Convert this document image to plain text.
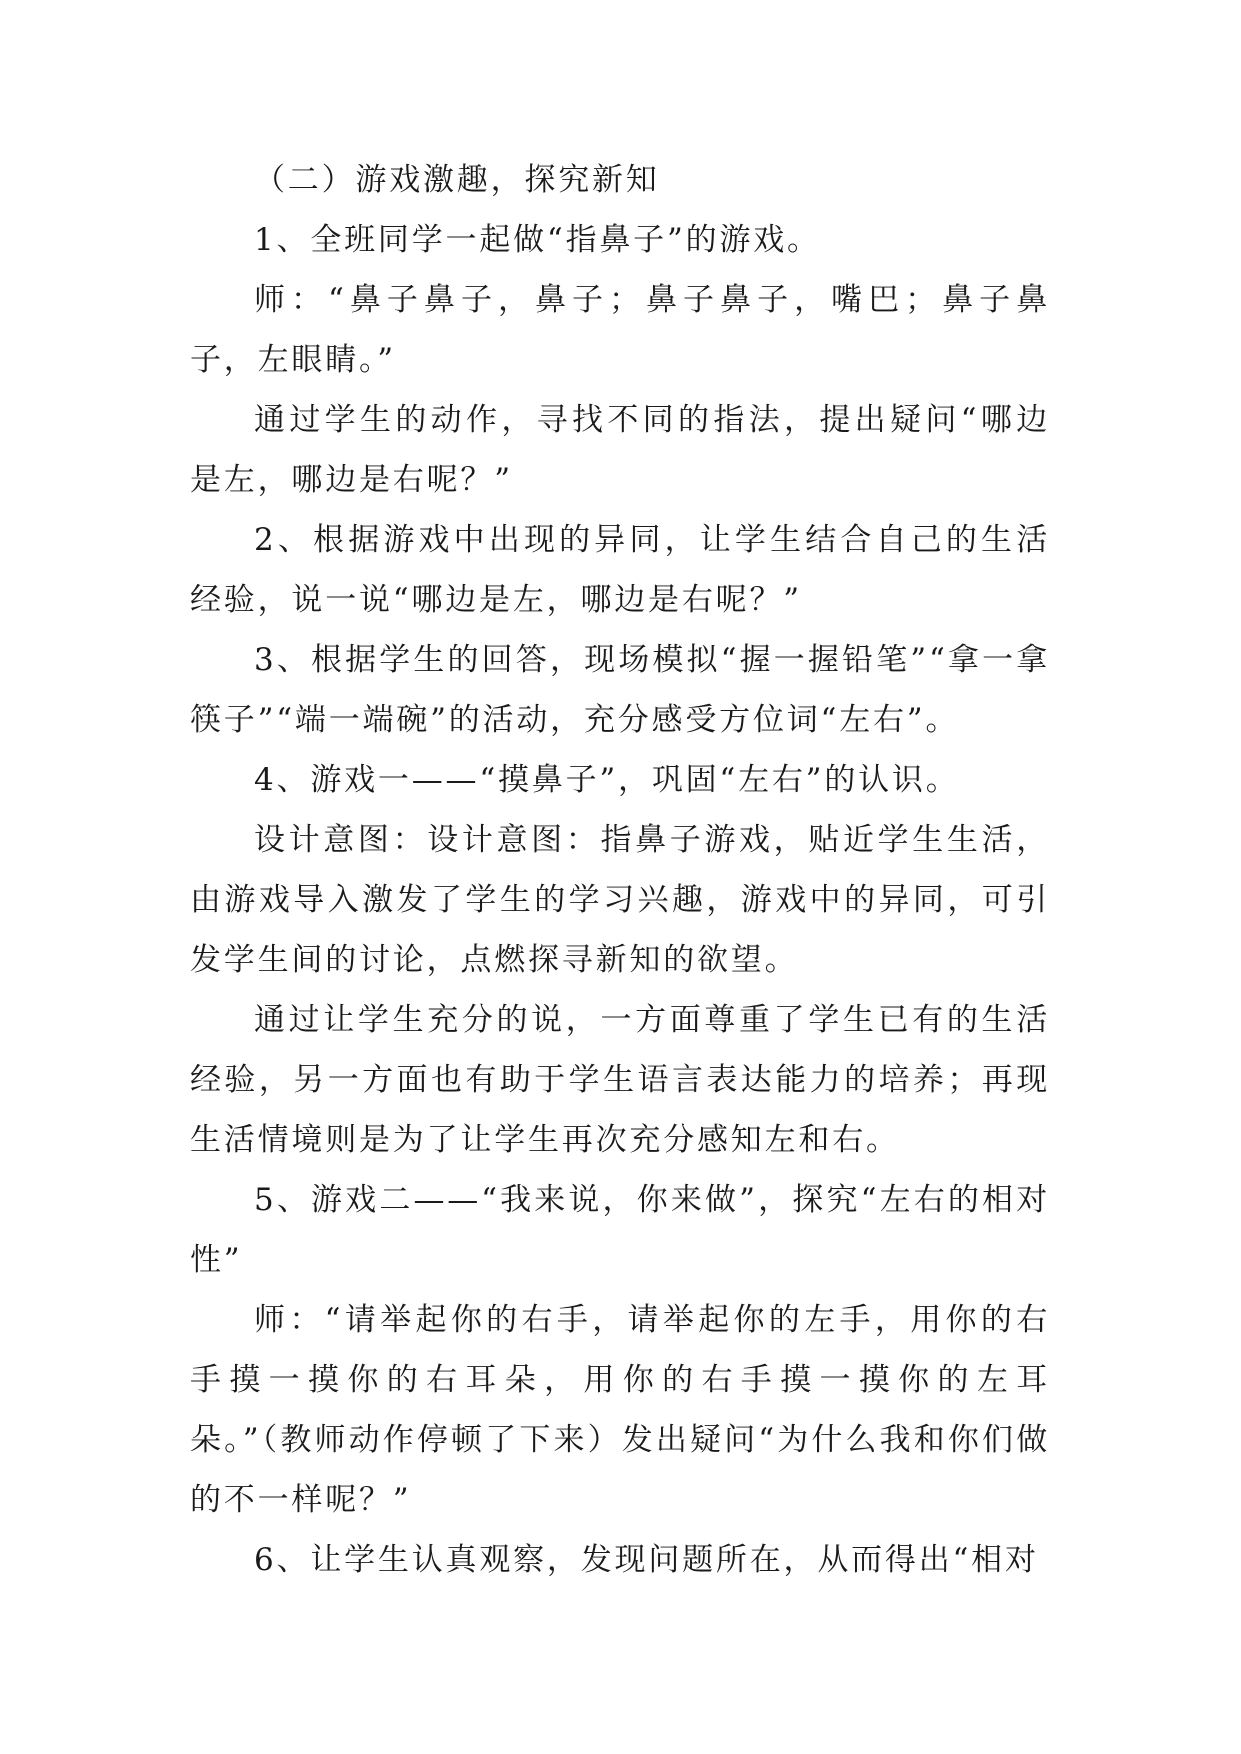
（二）游戏激趣，探究新知

1、全班同学一起做“指鼻子”的游戏。

师：“鼻子鼻子，鼻子；鼻子鼻子，嘴巴；鼻子鼻子，左眼睛。”

通过学生的动作，寻找不同的指法，提出疑问“哪边是左，哪边是右呢？”

2、根据游戏中出现的异同，让学生结合自己的生活经验，说一说“哪边是左，哪边是右呢？”

3、根据学生的回答，现场模拟“握一握铅笔”“拿一拿筷子”“端一端碗”的活动，充分感受方位词“左右”。

4、游戏一——“摸鼻子”，巩固“左右”的认识。

设计意图：设计意图：指鼻子游戏，贴近学生生活，由游戏导入激发了学生的学习兴趣，游戏中的异同，可引发学生间的讨论，点燃探寻新知的欲望。

通过让学生充分的说，一方面尊重了学生已有的生活经验，另一方面也有助于学生语言表达能力的培养；再现生活情境则是为了让学生再次充分感知左和右。

5、游戏二——“我来说，你来做”，探究“左右的相对性”

师：“请举起你的右手，请举起你的左手，用你的右手摸一摸你的右耳朵，用你的右手摸一摸你的左耳朵。”（教师动作停顿了下来）发出疑问“为什么我和你们做的不一样呢？”

6、让学生认真观察，发现问题所在，从而得出“相对
